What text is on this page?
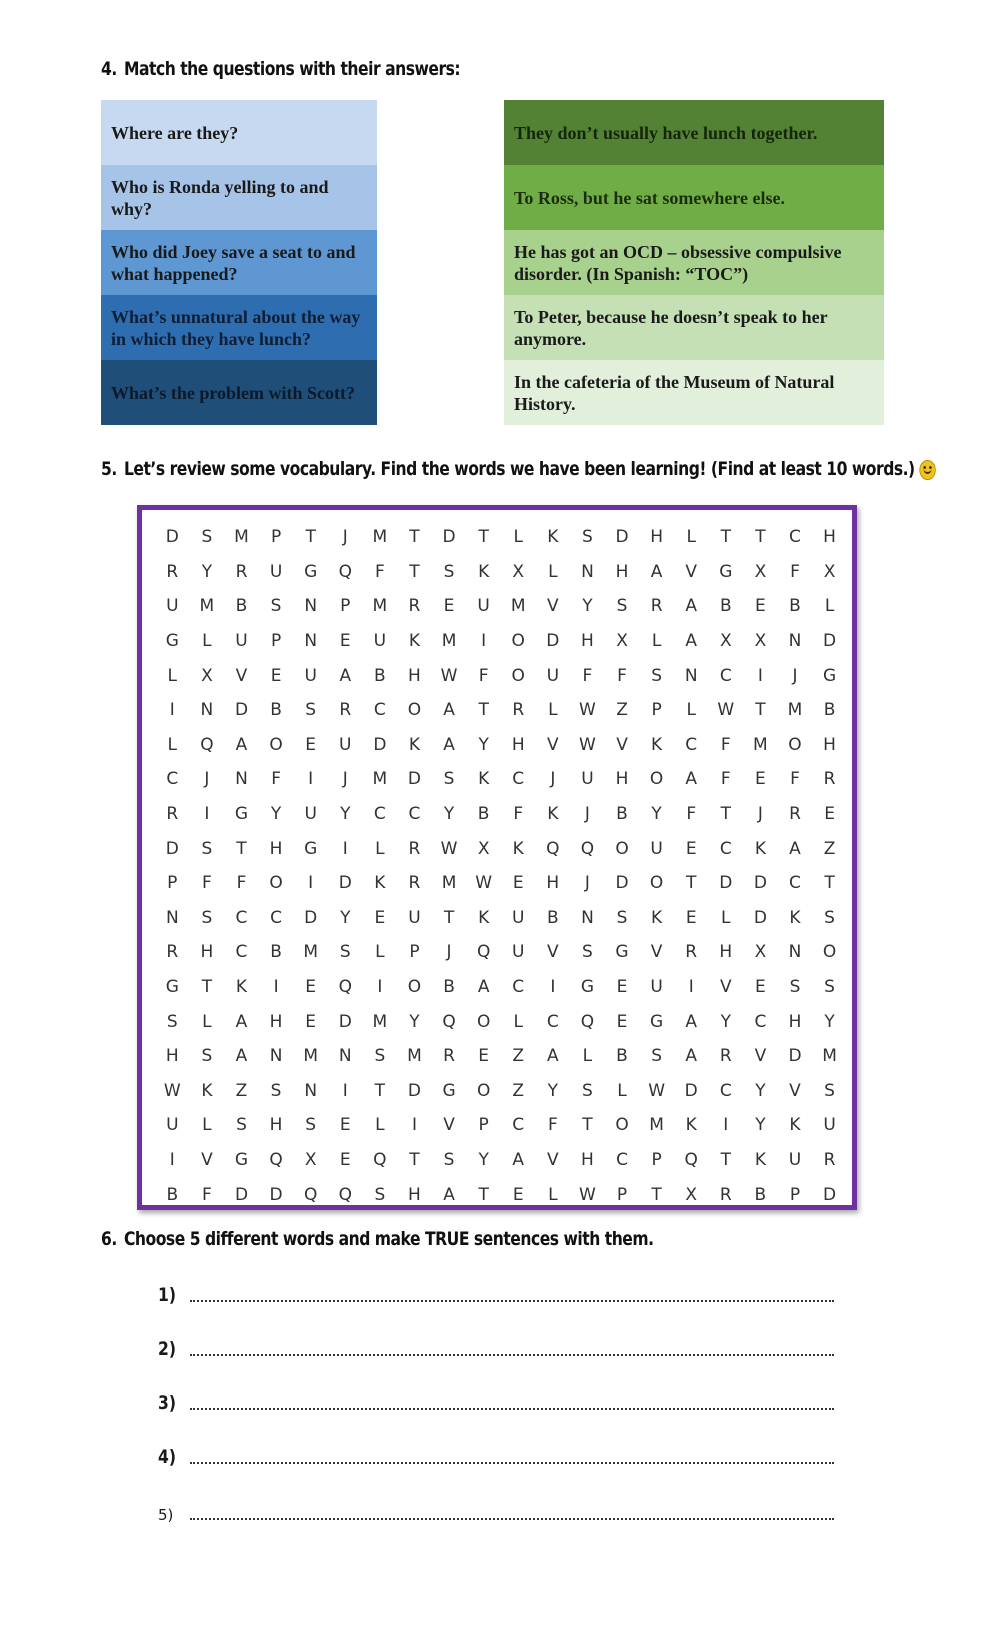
4. Match the questions with their answers:
Where are they?
Who is Ronda yelling to and why?
Who did Joey save a seat to and what happened?
What’s unnatural about the way in which they have lunch?
What’s the problem with Scott?
They don’t usually have lunch together.
To Ross, but he sat somewhere else.
He has got an OCD – obsessive compulsive disorder. (In Spanish: “TOC”)
To Peter, because he doesn’t speak to her anymore.
In the cafeteria of the Museum of Natural History.
5. Let’s review some vocabulary. Find the words we have been learning! (Find at least 10 words.)
D	S	M	P	T	J	M	T	D	T	L	K	S	D	H	L	T	T	C	H
R	Y	R	U	G	Q	F	T	S	K	X	L	N	H	A	V	G	X	F	X
U	M	B	S	N	P	M	R	E	U	M	V	Y	S	R	A	B	E	B	L
G	L	U	P	N	E	U	K	M	I	O	D	H	X	L	A	X	X	N	D
L	X	V	E	U	A	B	H	W	F	O	U	F	F	S	N	C	I	J	G
I	N	D	B	S	R	C	O	A	T	R	L	W	Z	P	L	W	T	M	B
L	Q	A	O	E	U	D	K	A	Y	H	V	W	V	K	C	F	M	O	H
C	J	N	F	I	J	M	D	S	K	C	J	U	H	O	A	F	E	F	R
R	I	G	Y	U	Y	C	C	Y	B	F	K	J	B	Y	F	T	J	R	E
D	S	T	H	G	I	L	R	W	X	K	Q	Q	O	U	E	C	K	A	Z
P	F	F	O	I	D	K	R	M	W	E	H	J	D	O	T	D	D	C	T
N	S	C	C	D	Y	E	U	T	K	U	B	N	S	K	E	L	D	K	S
R	H	C	B	M	S	L	P	J	Q	U	V	S	G	V	R	H	X	N	O
G	T	K	I	E	Q	I	O	B	A	C	I	G	E	U	I	V	E	S	S
S	L	A	H	E	D	M	Y	Q	O	L	C	Q	E	G	A	Y	C	H	Y
H	S	A	N	M	N	S	M	R	E	Z	A	L	B	S	A	R	V	D	M
W	K	Z	S	N	I	T	D	G	O	Z	Y	S	L	W	D	C	Y	V	S
U	L	S	H	S	E	L	I	V	P	C	F	T	O	M	K	I	Y	K	U
I	V	G	Q	X	E	Q	T	S	Y	A	V	H	C	P	Q	T	K	U	R
B	F	D	D	Q	Q	S	H	A	T	E	L	W	P	T	X	R	B	P	D
6. Choose 5 different words and make TRUE sentences with them.
1)
2)
3)
4)
5)
